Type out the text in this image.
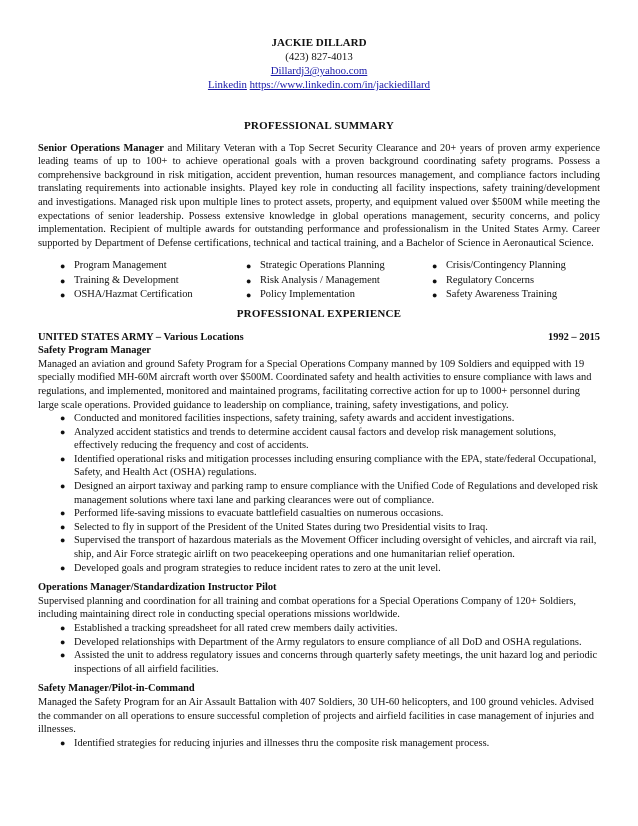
JACKIE DILLARD
(423) 827-4013
Dillardj3@yahoo.com
Linkedin https://www.linkedin.com/in/jackiedillard
PROFESSIONAL SUMMARY
Senior Operations Manager and Military Veteran with a Top Secret Security Clearance and 20+ years of proven army experience leading teams of up to 100+ to achieve operational goals with a proven background coordinating safety programs. Possess a comprehensive background in risk mitigation, accident prevention, human resources management, and compliance factors including translating requirements into actionable insights. Played key role in conducting all facility inspections, safety training/development and investigations. Managed risk upon multiple lines to protect assets, property, and equipment valued over $500M while meeting the expectations of senior leadership. Possess extensive knowledge in global operations management, security concerns, and policy implementation. Recipient of multiple awards for outstanding performance and professionalism in the United States Army. Career supported by Department of Defense certifications, technical and tactical training, and a Bachelor of Science in Aeronautical Science.
● Program Management
● Training & Development
● OSHA/Hazmat Certification
● Strategic Operations Planning
● Risk Analysis / Management
● Policy Implementation
● Crisis/Contingency Planning
● Regulatory Concerns
● Safety Awareness Training
PROFESSIONAL EXPERIENCE
UNITED STATES ARMY – Various Locations	1992 – 2015
Safety Program Manager

Managed an aviation and ground Safety Program for a Special Operations Company manned by 109 Soldiers and equipped with 19 specially modified MH-60M aircraft worth over $500M. Coordinated safety and health activities to ensure compliance with laws and regulations, and implemented, monitored and maintained programs, facilitating corrective action for up to 1000+ personnel during large scale operations. Provided guidance to leadership on compliance, training, safety investigations, and policy.

● Conducted and monitored facilities inspections, safety training, safety awards and accident investigations.
● Analyzed accident statistics and trends to determine accident causal factors and develop risk management solutions, effectively reducing the frequency and cost of accidents.
● Identified operational risks and mitigation processes including ensuring compliance with the EPA, state/federal Occupational, Safety, and Health Act (OSHA) regulations.
● Designed an airport taxiway and parking ramp to ensure compliance with the Unified Code of Regulations and developed risk management solutions where taxi lane and parking clearances were out of compliance.
● Performed life-saving missions to evacuate battlefield casualties on numerous occasions.
● Selected to fly in support of the President of the United States during two Presidential visits to Iraq.
● Supervised the transport of hazardous materials as the Movement Officer including oversight of vehicles, and aircraft via rail, ship, and Air Force strategic airlift on two peacekeeping operations and one humanitarian relief operation.
● Developed goals and program strategies to reduce incident rates to zero at the unit level.
Operations Manager/Standardization Instructor Pilot

Supervised planning and coordination for all training and combat operations for a Special Operations Company of 120+ Soldiers, including maintaining direct role in conducting special operations missions worldwide.

● Established a tracking spreadsheet for all rated crew members daily activities.
● Developed relationships with Department of the Army regulators to ensure compliance of all DoD and OSHA regulations.
● Assisted the unit to address regulatory issues and concerns through quarterly safety meetings, the unit hazard log and periodic inspections of all airfield facilities.
Safety Manager/Pilot-in-Command

Managed the Safety Program for an Air Assault Battalion with 407 Soldiers, 30 UH-60 helicopters, and 100 ground vehicles. Advised the commander on all operations to ensure successful completion of projects and airfield facilities in case management of injuries and illnesses.

● Identified strategies for reducing injuries and illnesses thru the composite risk management process.
